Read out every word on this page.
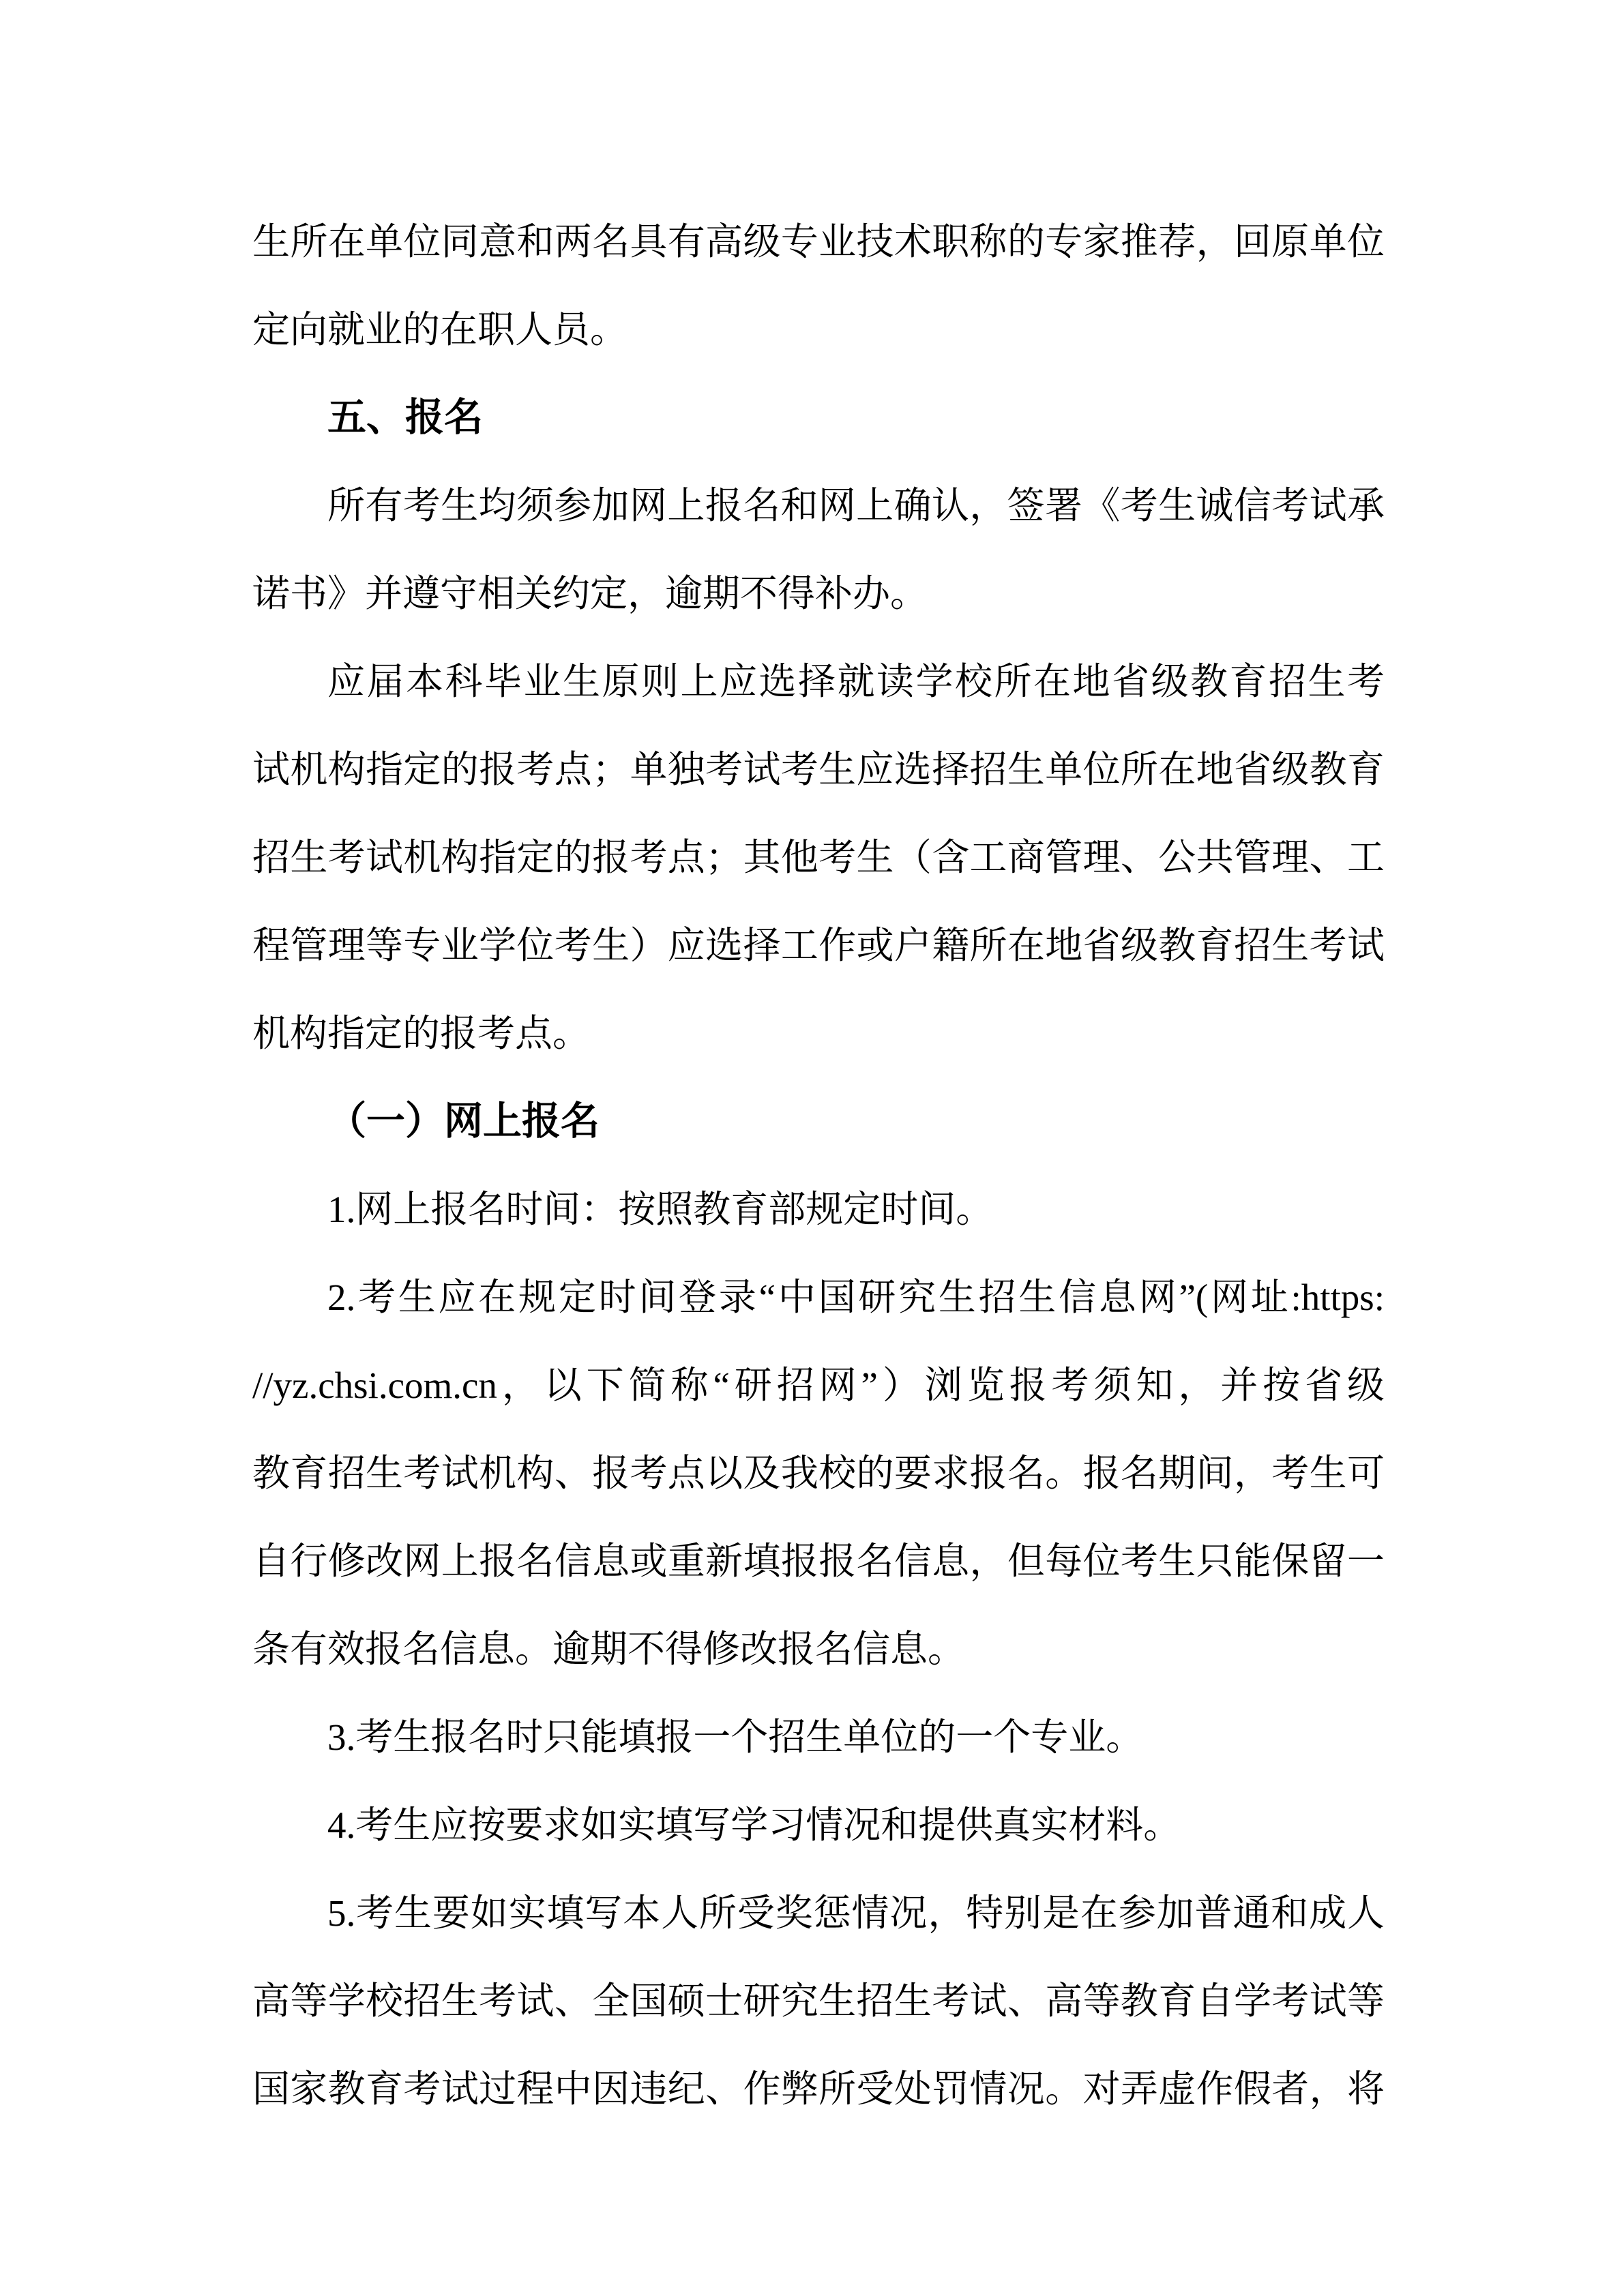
生所在单位同意和两名具有高级专业技术职称的专家推荐，回原单位
定向就业的在职人员。
五、报名
所有考生均须参加网上报名和网上确认，签署《考生诚信考试承
诺书》并遵守相关约定，逾期不得补办。
应届本科毕业生原则上应选择就读学校所在地省级教育招生考
试机构指定的报考点；单独考试考生应选择招生单位所在地省级教育
招生考试机构指定的报考点；其他考生（含工商管理、公共管理、工
程管理等专业学位考生）应选择工作或户籍所在地省级教育招生考试
机构指定的报考点。
（一）网上报名
1.网上报名时间：按照教育部规定时间。
2.考生应在规定时间登录“中国研究生招生信息网”(网址:https:
//yz.chsi.com.cn，以下简称“研招网”）浏览报考须知，并按省级
教育招生考试机构、报考点以及我校的要求报名。报名期间，考生可
自行修改网上报名信息或重新填报报名信息，但每位考生只能保留一
条有效报名信息。逾期不得修改报名信息。
3.考生报名时只能填报一个招生单位的一个专业。
4.考生应按要求如实填写学习情况和提供真实材料。
5.考生要如实填写本人所受奖惩情况，特别是在参加普通和成人
高等学校招生考试、全国硕士研究生招生考试、高等教育自学考试等
国家教育考试过程中因违纪、作弊所受处罚情况。对弄虚作假者，将
